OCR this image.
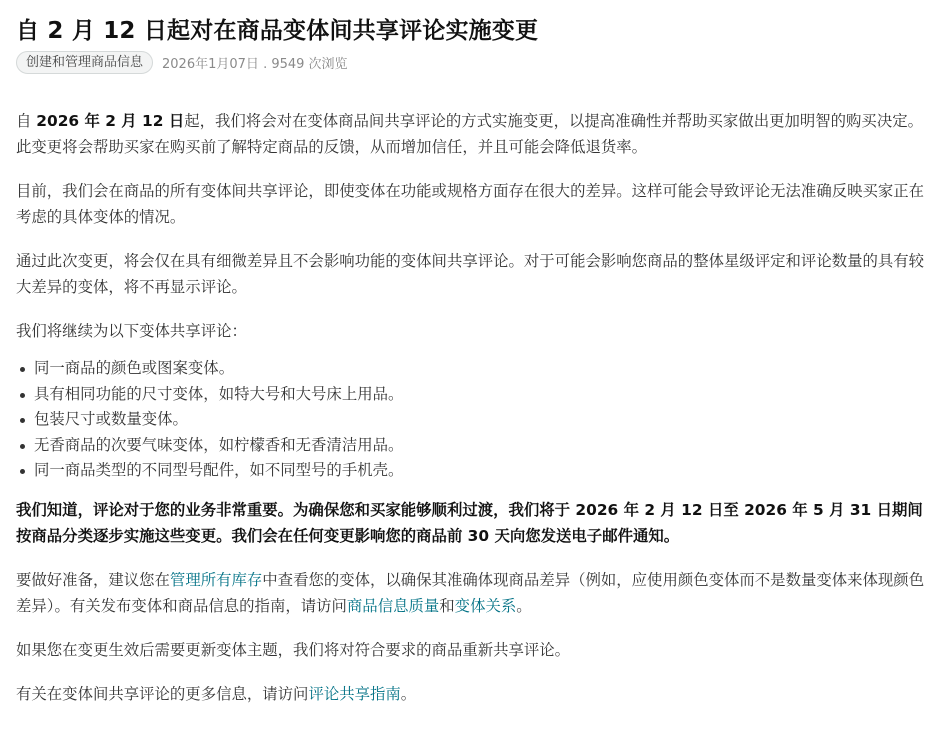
自 2 月 12 日起对在商品变体间共享评论实施变更
创建和管理商品信息	2026年1月07日 . 9549 次浏览

自 2026 年 2 月 12 日起，我们将会对在变体商品间共享评论的方式实施变更，以提高准确性并帮助买家做出更加明智的购买决定。此变更将会帮助买家在购买前了解特定商品的反馈，从而增加信任，并且可能会降低退货率。

目前，我们会在商品的所有变体间共享评论，即使变体在功能或规格方面存在很大的差异。这样可能会导致评论无法准确反映买家正在考虑的具体变体的情况。

通过此次变更，将会仅在具有细微差异且不会影响功能的变体间共享评论。对于可能会影响您商品的整体星级评定和评论数量的具有较大差异的变体，将不再显示评论。

我们将继续为以下变体共享评论：

同一商品的颜色或图案变体。
具有相同功能的尺寸变体，如特大号和大号床上用品。
包装尺寸或数量变体。
无香商品的次要气味变体，如柠檬香和无香清洁用品。
同一商品类型的不同型号配件，如不同型号的手机壳。

我们知道，评论对于您的业务非常重要。为确保您和买家能够顺利过渡，我们将于 2026 年 2 月 12 日至 2026 年 5 月 31 日期间按商品分类逐步实施这些变更。我们会在任何变更影响您的商品前 30 天向您发送电子邮件通知。

要做好准备，建议您在管理所有库存中查看您的变体，以确保其准确体现商品差异（例如，应使用颜色变体而不是数量变体来体现颜色差异）。有关发布变体和商品信息的指南，请访问商品信息质量和变体关系。

如果您在变更生效后需要更新变体主题，我们将对符合要求的商品重新共享评论。

有关在变体间共享评论的更多信息，请访问评论共享指南。
